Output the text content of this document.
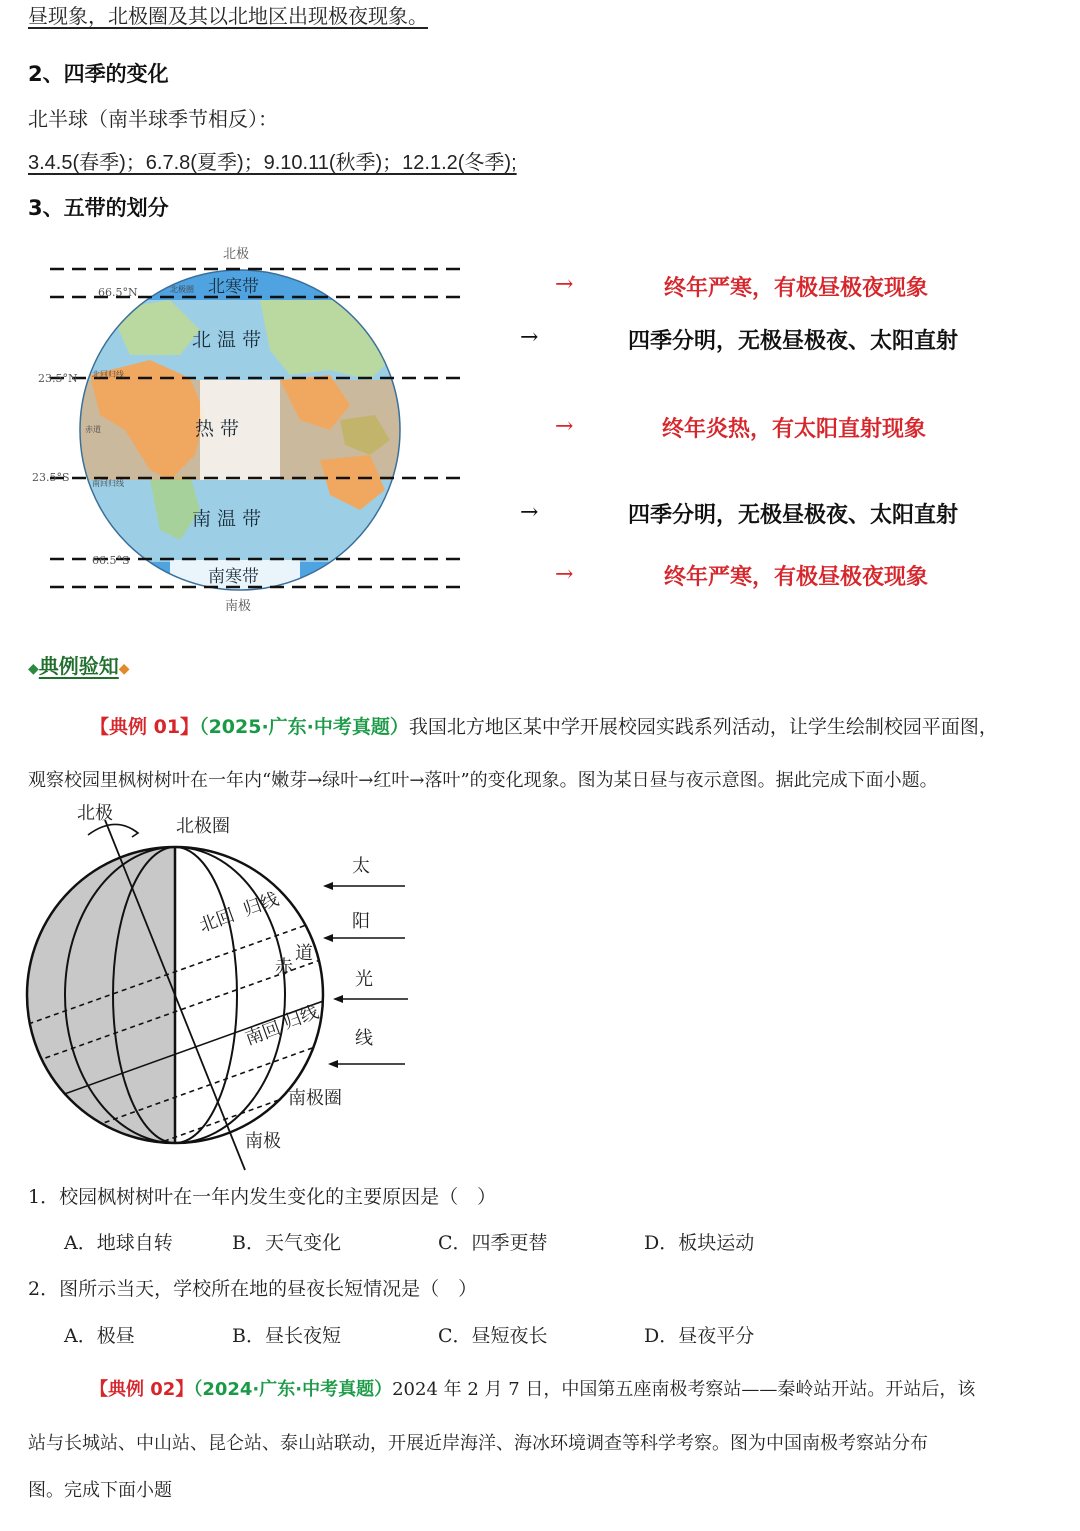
昼现象，北极圈及其以北地区出现极夜现象。
2、四季的变化
北半球（南半球季节相反）：
3.4.5(春季)；6.7.8(夏季)；9.10.11(秋季)；12.1.2(冬季);
3、五带的划分
北极
南极
66.5°N
23.5°N
23.5°S
66.5°S
北极圈
北回归线
赤道
南回归线
北寒带
北 温 带
热 带
南 温 带
南寒带
→	终年严寒，有极昼极夜现象
→	四季分明，无极昼极夜、太阳直射
→	终年炎热，有太阳直射现象
→	四季分明，无极昼极夜、太阳直射
→	终年严寒，有极昼极夜现象
◆典例验知◆
【典例 01】（2025·广东·中考真题）我国北方地区某中学开展校园实践系列活动，让学生绘制校园平面图，
观察校园里枫树树叶在一年内“嫩芽→绿叶→红叶→落叶”的变化现象。图为某日昼与夜示意图。据此完成下面小题。
北极
北极圈
北回 归线
赤
道
南回
归线
南极圈
南极
太
阳
光
线
1．校园枫树树叶在一年内发生变化的主要原因是（　）
A．地球自转	B．天气变化	C．四季更替	D．板块运动
2．图所示当天，学校所在地的昼夜长短情况是（　）
A．极昼	B．昼长夜短	C．昼短夜长	D．昼夜平分
【典例 02】（2024·广东·中考真题）2024 年 2 月 7 日，中国第五座南极考察站——秦岭站开站。开站后，该
站与长城站、中山站、昆仑站、泰山站联动，开展近岸海洋、海冰环境调查等科学考察。图为中国南极考察站分布
图。完成下面小题
